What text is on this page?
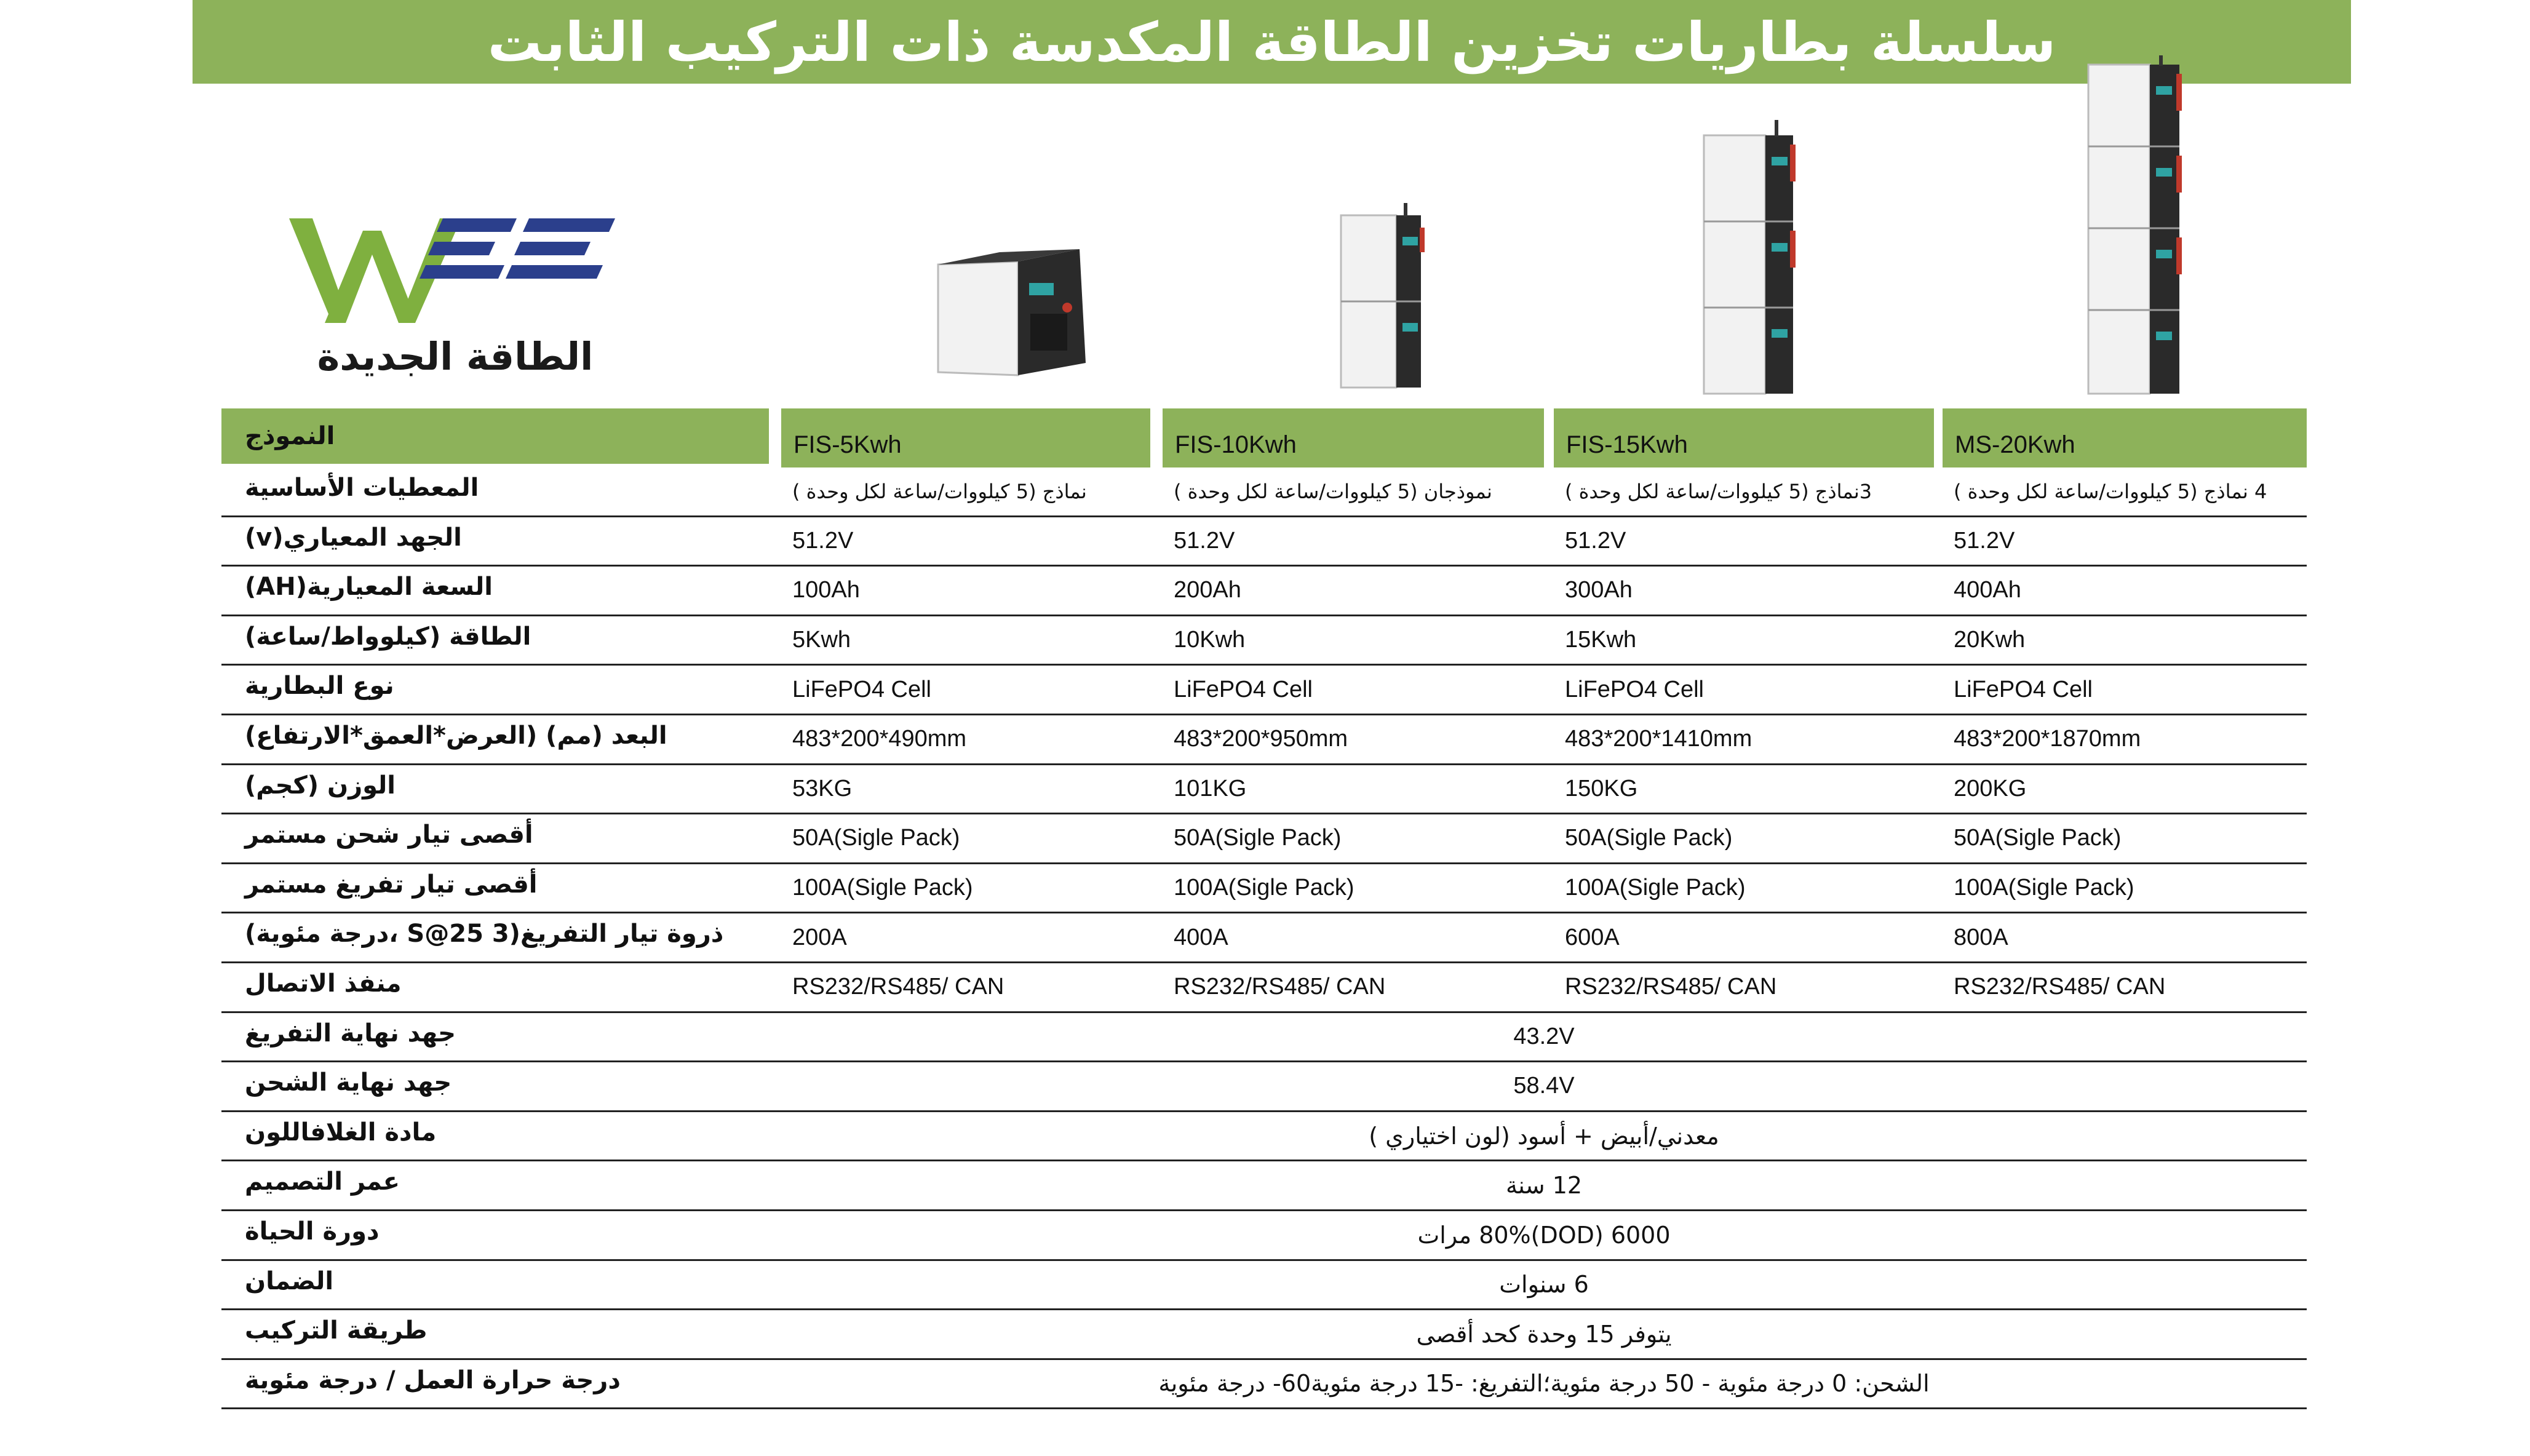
سلسلة بطاريات تخزين الطاقة المكدسة ذات التركيب الثابت
الطاقة الجديدة
النموذج	FIS-5Kwh	FIS-10Kwh	FIS-15Kwh	MS-20Kwh
المعطيات الأساسية	نماذج (5 كيلووات/ساعة لكل وحدة )	نموذجان (5 كيلووات/ساعة لكل وحدة )	3نماذج (5 كيلووات/ساعة لكل وحدة )	4 نماذج (5 كيلووات/ساعة لكل وحدة )
الجهد المعياري(v)	51.2V	51.2V	51.2V	51.2V
السعة المعيارية(AH)	100Ah	200Ah	300Ah	400Ah
الطاقة (كيلوواط/ساعة)	5Kwh	10Kwh	15Kwh	20Kwh
نوع البطارية	LiFePO4 Cell	LiFePO4 Cell	LiFePO4 Cell	LiFePO4 Cell
البعد (مم) (العرض*العمق*الارتفاع)	483*200*490mm	483*200*950mm	483*200*1410mm	483*200*1870mm
الوزن (كجم)	53KG	101KG	150KG	200KG
أقصى تيار شحن مستمر	50A(Sigle Pack)	50A(Sigle Pack)	50A(Sigle Pack)	50A(Sigle Pack)
أقصى تيار تفريغ مستمر	100A(Sigle Pack)	100A(Sigle Pack)	100A(Sigle Pack)	100A(Sigle Pack)
ذروة تيار التفريغ(S@25 3 ،درجة مئوية)	200A	400A	600A	800A
منفذ الاتصال	RS232/RS485/ CAN	RS232/RS485/ CAN	RS232/RS485/ CAN	RS232/RS485/ CAN
جهد نهاية التفريغ	43.2V
جهد نهاية الشحن	58.4V
مادة الغلافاللون	معدني/أبيض + أسود (لون اختياري )
عمر التصميم	12 سنة
دورة الحياة	6000 (DOD)80% مرات
الضمان	6 سنوات
طريقة التركيب	يتوفر 15 وحدة كحد أقصى
درجة حرارة العمل / درجة مئوية	الشحن: 0 درجة مئوية - 50 درجة مئوية؛التفريغ: -15 درجة مئوية60- درجة مئوية
